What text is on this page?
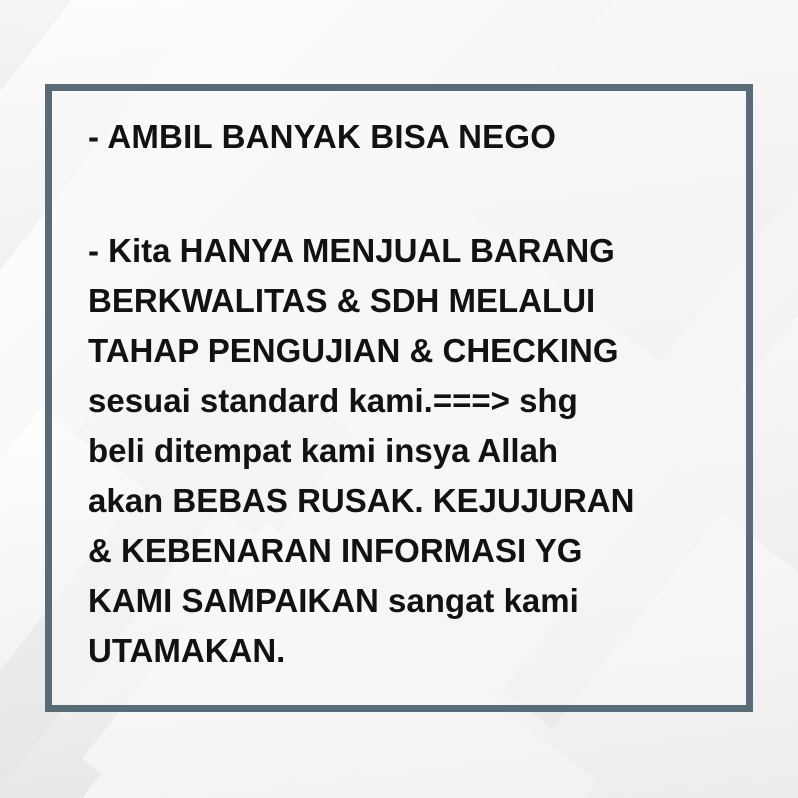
- AMBIL BANYAK BISA NEGO

- Kita HANYA MENJUAL BARANG
BERKWALITAS & SDH MELALUI
TAHAP PENGUJIAN & CHECKING
sesuai standard kami.===> shg
beli ditempat kami insya Allah
akan BEBAS RUSAK. KEJUJURAN
& KEBENARAN INFORMASI YG
KAMI SAMPAIKAN sangat kami
UTAMAKAN.
